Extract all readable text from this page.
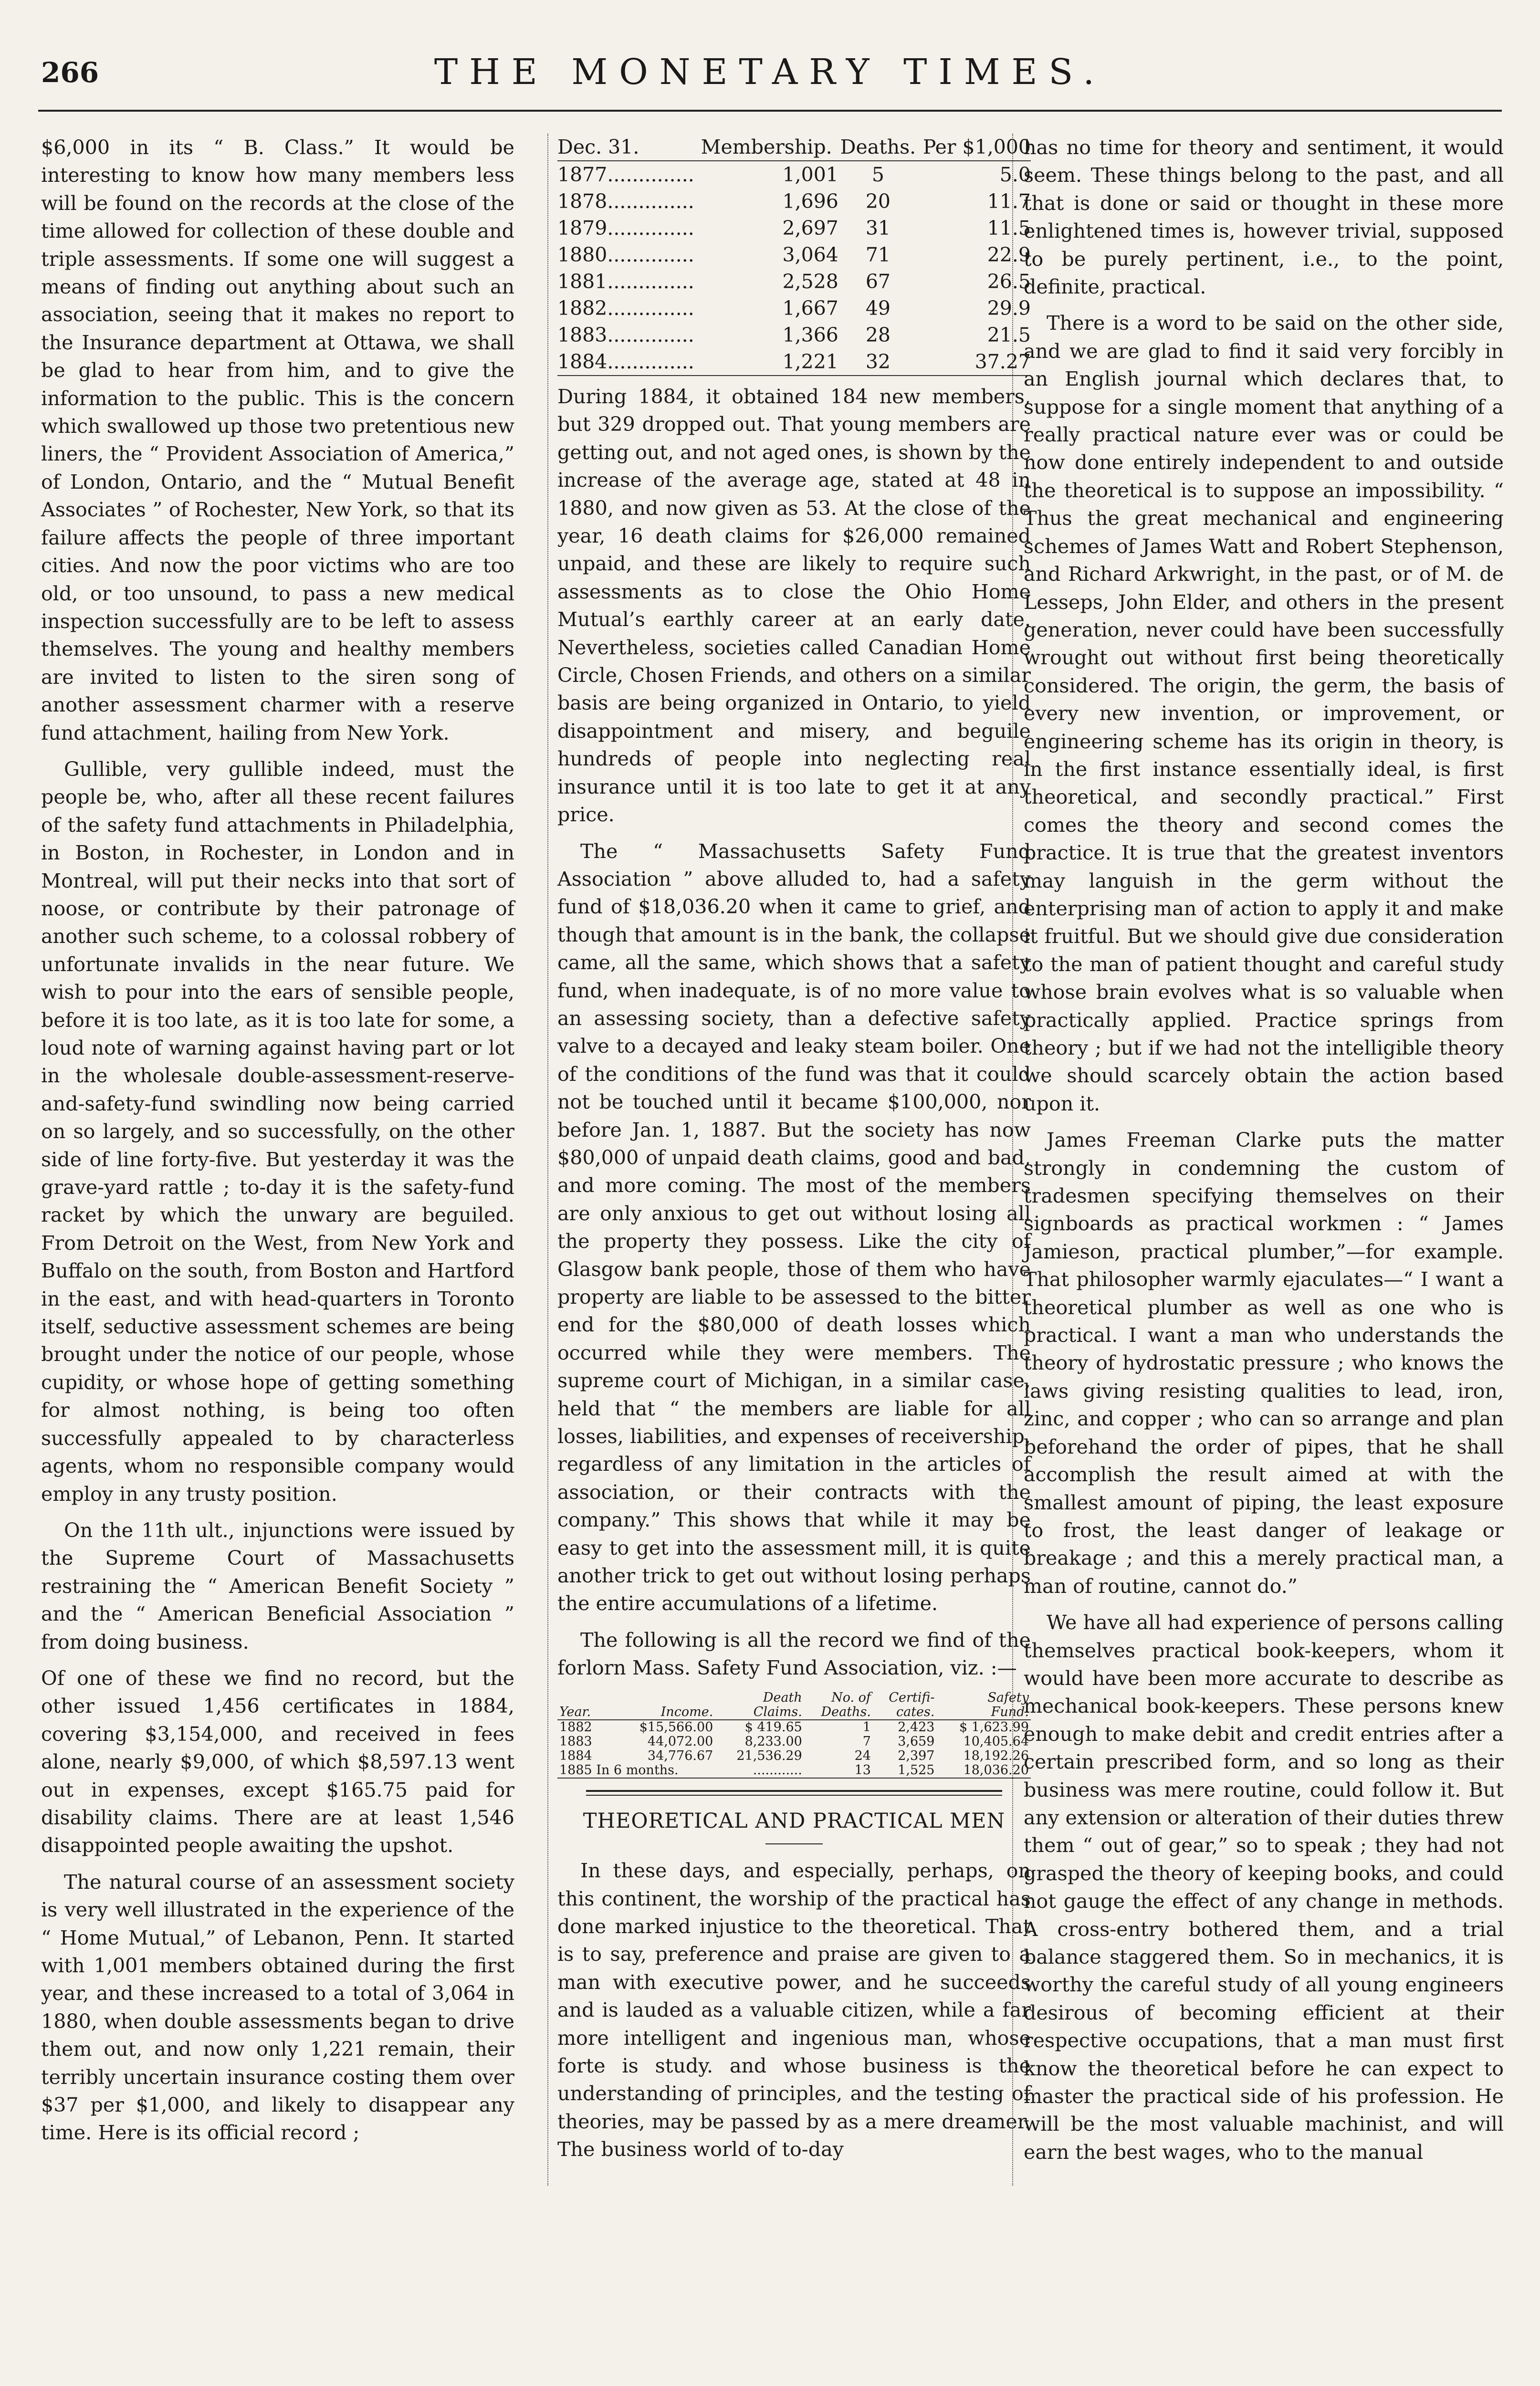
266	THE MONETARY TIMES.

$6,000 in its “ B. Class.” It would be interesting to know how many members less will be found on the records at the close of the time allowed for collection of these double and triple assessments. If some one will suggest a means of finding out anything about such an association, seeing that it makes no report to the Insurance department at Ottawa, we shall be glad to hear from him, and to give the information to the public. This is the concern which swallowed up those two pretentious new liners, the “ Provident Association of America,” of London, Ontario, and the “ Mutual Benefit Associates ” of Rochester, New York, so that its failure affects the people of three important cities. And now the poor victims who are too old, or too unsound, to pass a new medical inspection successfully are to be left to assess themselves. The young and healthy members are invited to listen to the siren song of another assessment charmer with a reserve fund attachment, hailing from New York.

Gullible, very gullible indeed, must the people be, who, after all these recent failures of the safety fund attachments in Philadelphia, in Boston, in Rochester, in London and in Montreal, will put their necks into that sort of noose, or contribute by their patronage of another such scheme, to a colossal robbery of unfortunate invalids in the near future. We wish to pour into the ears of sensible people, before it is too late, as it is too late for some, a loud note of warning against having part or lot in the wholesale double-assessment-reserve-and-safety-fund swindling now being carried on so largely, and so successfully, on the other side of line forty-five. But yesterday it was the grave-yard rattle ; to-day it is the safety-fund racket by which the unwary are beguiled. From Detroit on the West, from New York and Buffalo on the south, from Boston and Hartford in the east, and with head-quarters in Toronto itself, seductive assessment schemes are being brought under the notice of our people, whose cupidity, or whose hope of getting something for almost nothing, is being too often successfully appealed to by characterless agents, whom no responsible company would employ in any trusty position.

On the 11th ult., injunctions were issued by the Supreme Court of Massachusetts restraining the “ American Benefit Society ” and the “ American Beneficial Association ” from doing business.

Of one of these we find no record, but the other issued 1,456 certificates in 1884, covering $3,154,000, and received in fees alone, nearly $9,000, of which $8,597.13 went out in expenses, except $165.75 paid for disability claims. There are at least 1,546 disappointed people awaiting the upshot.

The natural course of an assessment society is very well illustrated in the experience of the “ Home Mutual,” of Lebanon, Penn. It started with 1,001 members obtained during the first year, and these increased to a total of 3,064 in 1880, when double assessments began to drive them out, and now only 1,221 remain, their terribly uncertain insurance costing them over $37 per $1,000, and likely to disappear any time. Here is its official record ;

Dec. 31.	Membership.	Deaths.	Per $1,000
1877..............	1,001	5	5.0
1878..............	1,696	20	11.7
1879..............	2,697	31	11.5
1880..............	3,064	71	22.9
1881..............	2,528	67	26.5
1882..............	1,667	49	29.9
1883..............	1,366	28	21.5
1884..............	1,221	32	37.27

During 1884, it obtained 184 new members, but 329 dropped out. That young members are getting out, and not aged ones, is shown by the increase of the average age, stated at 48 in 1880, and now given as 53. At the close of the year, 16 death claims for $26,000 remained unpaid, and these are likely to require such assessments as to close the Ohio Home Mutual’s earthly career at an early date. Nevertheless, societies called Canadian Home Circle, Chosen Friends, and others on a similar basis are being organized in Ontario, to yield disappointment and misery, and beguile hundreds of people into neglecting real insurance until it is too late to get it at any price.

The “ Massachusetts Safety Fund Association ” above alluded to, had a safety fund of $18,036.20 when it came to grief, and though that amount is in the bank, the collapse came, all the same, which shows that a safety fund, when inadequate, is of no more value to an assessing society, than a defective safety valve to a decayed and leaky steam boiler. One of the conditions of the fund was that it could not be touched until it became $100,000, nor before Jan. 1, 1887. But the society has now $80,000 of unpaid death claims, good and bad, and more coming. The most of the members are only anxious to get out without losing all the property they possess. Like the city of Glasgow bank people, those of them who have property are liable to be assessed to the bitter end for the $80,000 of death losses which occurred while they were members. The supreme court of Michigan, in a similar case, held that “ the members are liable for all losses, liabilities, and expenses of receivership, regardless of any limitation in the articles of association, or their contracts with the company.” This shows that while it may be easy to get into the assessment mill, it is quite another trick to get out without losing perhaps the entire accumulations of a lifetime.

The following is all the record we find of the forlorn Mass. Safety Fund Association, viz. :—

		Death	No. of	Certifi-	Safety
Year.	Income.	Claims.	Deaths.	cates.	Fund.
1882	$15,566.00	$ 419.65	1	2,423	$ 1,623.99
1883	44,072.00	8,233.00	7	3,659	10,405.64
1884	34,776.67	21,536.29	24	2,397	18,192.26
1885 In 6 months.		............	13	1,525	18,036.20
THEORETICAL AND PRACTICAL MEN

In these days, and especially, perhaps, on this continent, the worship of the practical has done marked injustice to the theoretical. That is to say, preference and praise are given to a man with executive power, and he succeeds and is lauded as a valuable citizen, while a far more intelligent and ingenious man, whose forte is study. and whose business is the understanding of principles, and the testing of theories, may be passed by as a mere dreamer. The business world of to-day

has no time for theory and sentiment, it would seem. These things belong to the past, and all that is done or said or thought in these more enlightened times is, however trivial, supposed to be purely pertinent, i.e., to the point, definite, practical.

There is a word to be said on the other side, and we are glad to find it said very forcibly in an English journal which declares that, to suppose for a single moment that anything of a really practical nature ever was or could be now done entirely independent to and outside the theoretical is to suppose an impossibility. “ Thus the great mechanical and engineering schemes of James Watt and Robert Stephenson, and Richard Arkwright, in the past, or of M. de Lesseps, John Elder, and others in the present generation, never could have been successfully wrought out without first being theoretically considered. The origin, the germ, the basis of every new invention, or improvement, or engineering scheme has its origin in theory, is in the first instance essentially ideal, is first theoretical, and secondly practical.” First comes the theory and second comes the practice. It is true that the greatest inventors may languish in the germ without the enterprising man of action to apply it and make it fruitful. But we should give due consideration to the man of patient thought and careful study whose brain evolves what is so valuable when practically applied. Practice springs from theory ; but if we had not the intelligible theory we should scarcely obtain the action based upon it.

James Freeman Clarke puts the matter strongly in condemning the custom of tradesmen specifying themselves on their signboards as practical workmen : “ James Jamieson, practical plumber,”—for example. That philosopher warmly ejaculates—“ I want a theoretical plumber as well as one who is practical. I want a man who understands the theory of hydrostatic pressure ; who knows the laws giving resisting qualities to lead, iron, zinc, and copper ; who can so arrange and plan beforehand the order of pipes, that he shall accomplish the result aimed at with the smallest amount of piping, the least exposure to frost, the least danger of leakage or breakage ; and this a merely practical man, a man of routine, cannot do.”

We have all had experience of persons calling themselves practical book-keepers, whom it would have been more accurate to describe as mechanical book-keepers. These persons knew enough to make debit and credit entries after a certain prescribed form, and so long as their business was mere routine, could follow it. But any extension or alteration of their duties threw them “ out of gear,” so to speak ; they had not grasped the theory of keeping books, and could not gauge the effect of any change in methods. A cross-entry bothered them, and a trial balance staggered them. So in mechanics, it is worthy the careful study of all young engineers desirous of becoming efficient at their respective occupations, that a man must first know the theoretical before he can expect to master the practical side of his profession. He will be the most valuable machinist, and will earn the best wages, who to the manual
